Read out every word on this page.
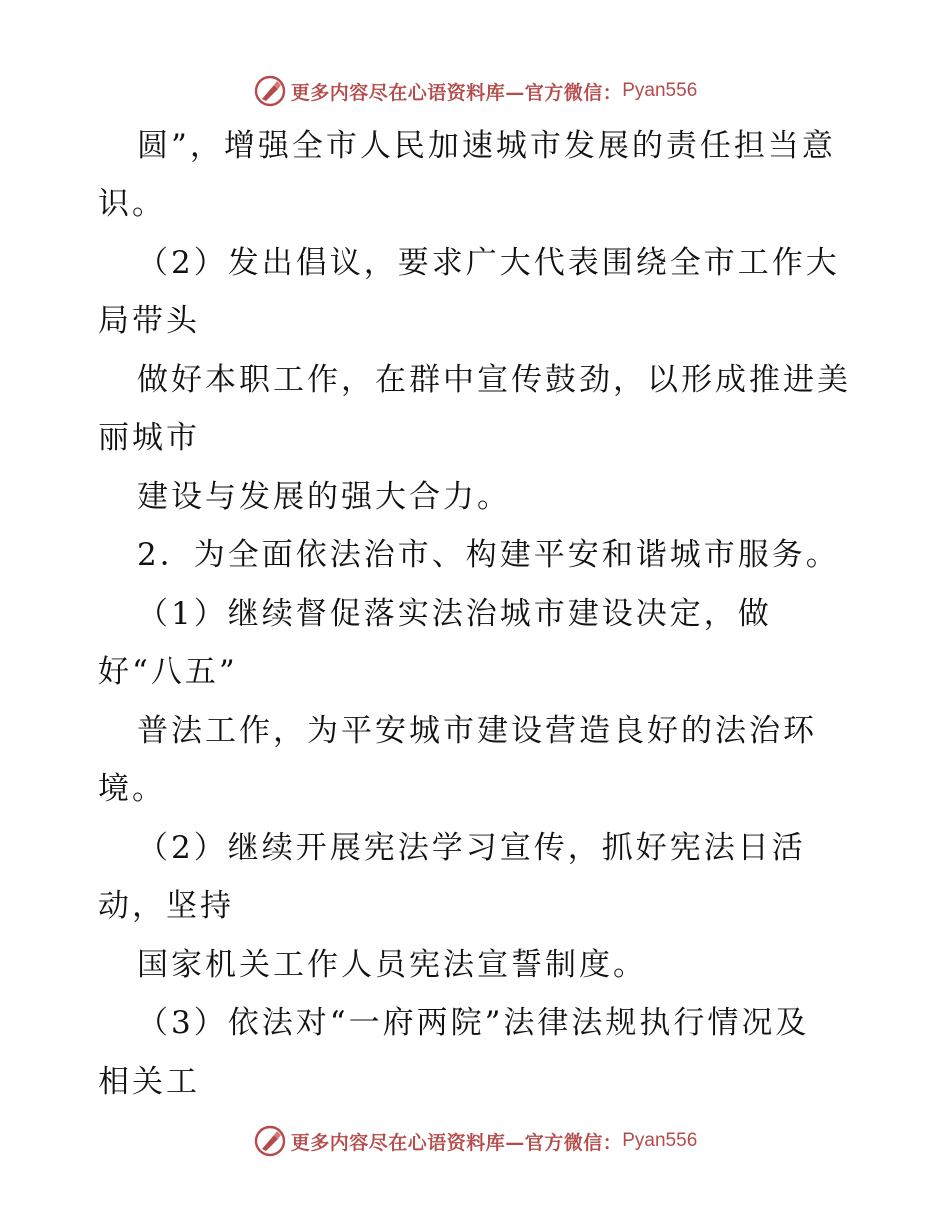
更多内容尽在心语资料库—官方微信： Pyan556
圆”，增强全市人民加速城市发展的责任担当意
识。
（2）发出倡议，要求广大代表围绕全市工作大
局带头
做好本职工作，在群中宣传鼓劲，以形成推进美
丽城市
建设与发展的强大合力。
2．为全面依法治市、构建平安和谐城市服务。
（1）继续督促落实法治城市建设决定，做
好“八五”
普法工作，为平安城市建设营造良好的法治环
境。
（2）继续开展宪法学习宣传，抓好宪法日活
动，坚持
国家机关工作人员宪法宣誓制度。
（3）依法对“一府两院”法律法规执行情况及
相关工
更多内容尽在心语资料库—官方微信： Pyan556
